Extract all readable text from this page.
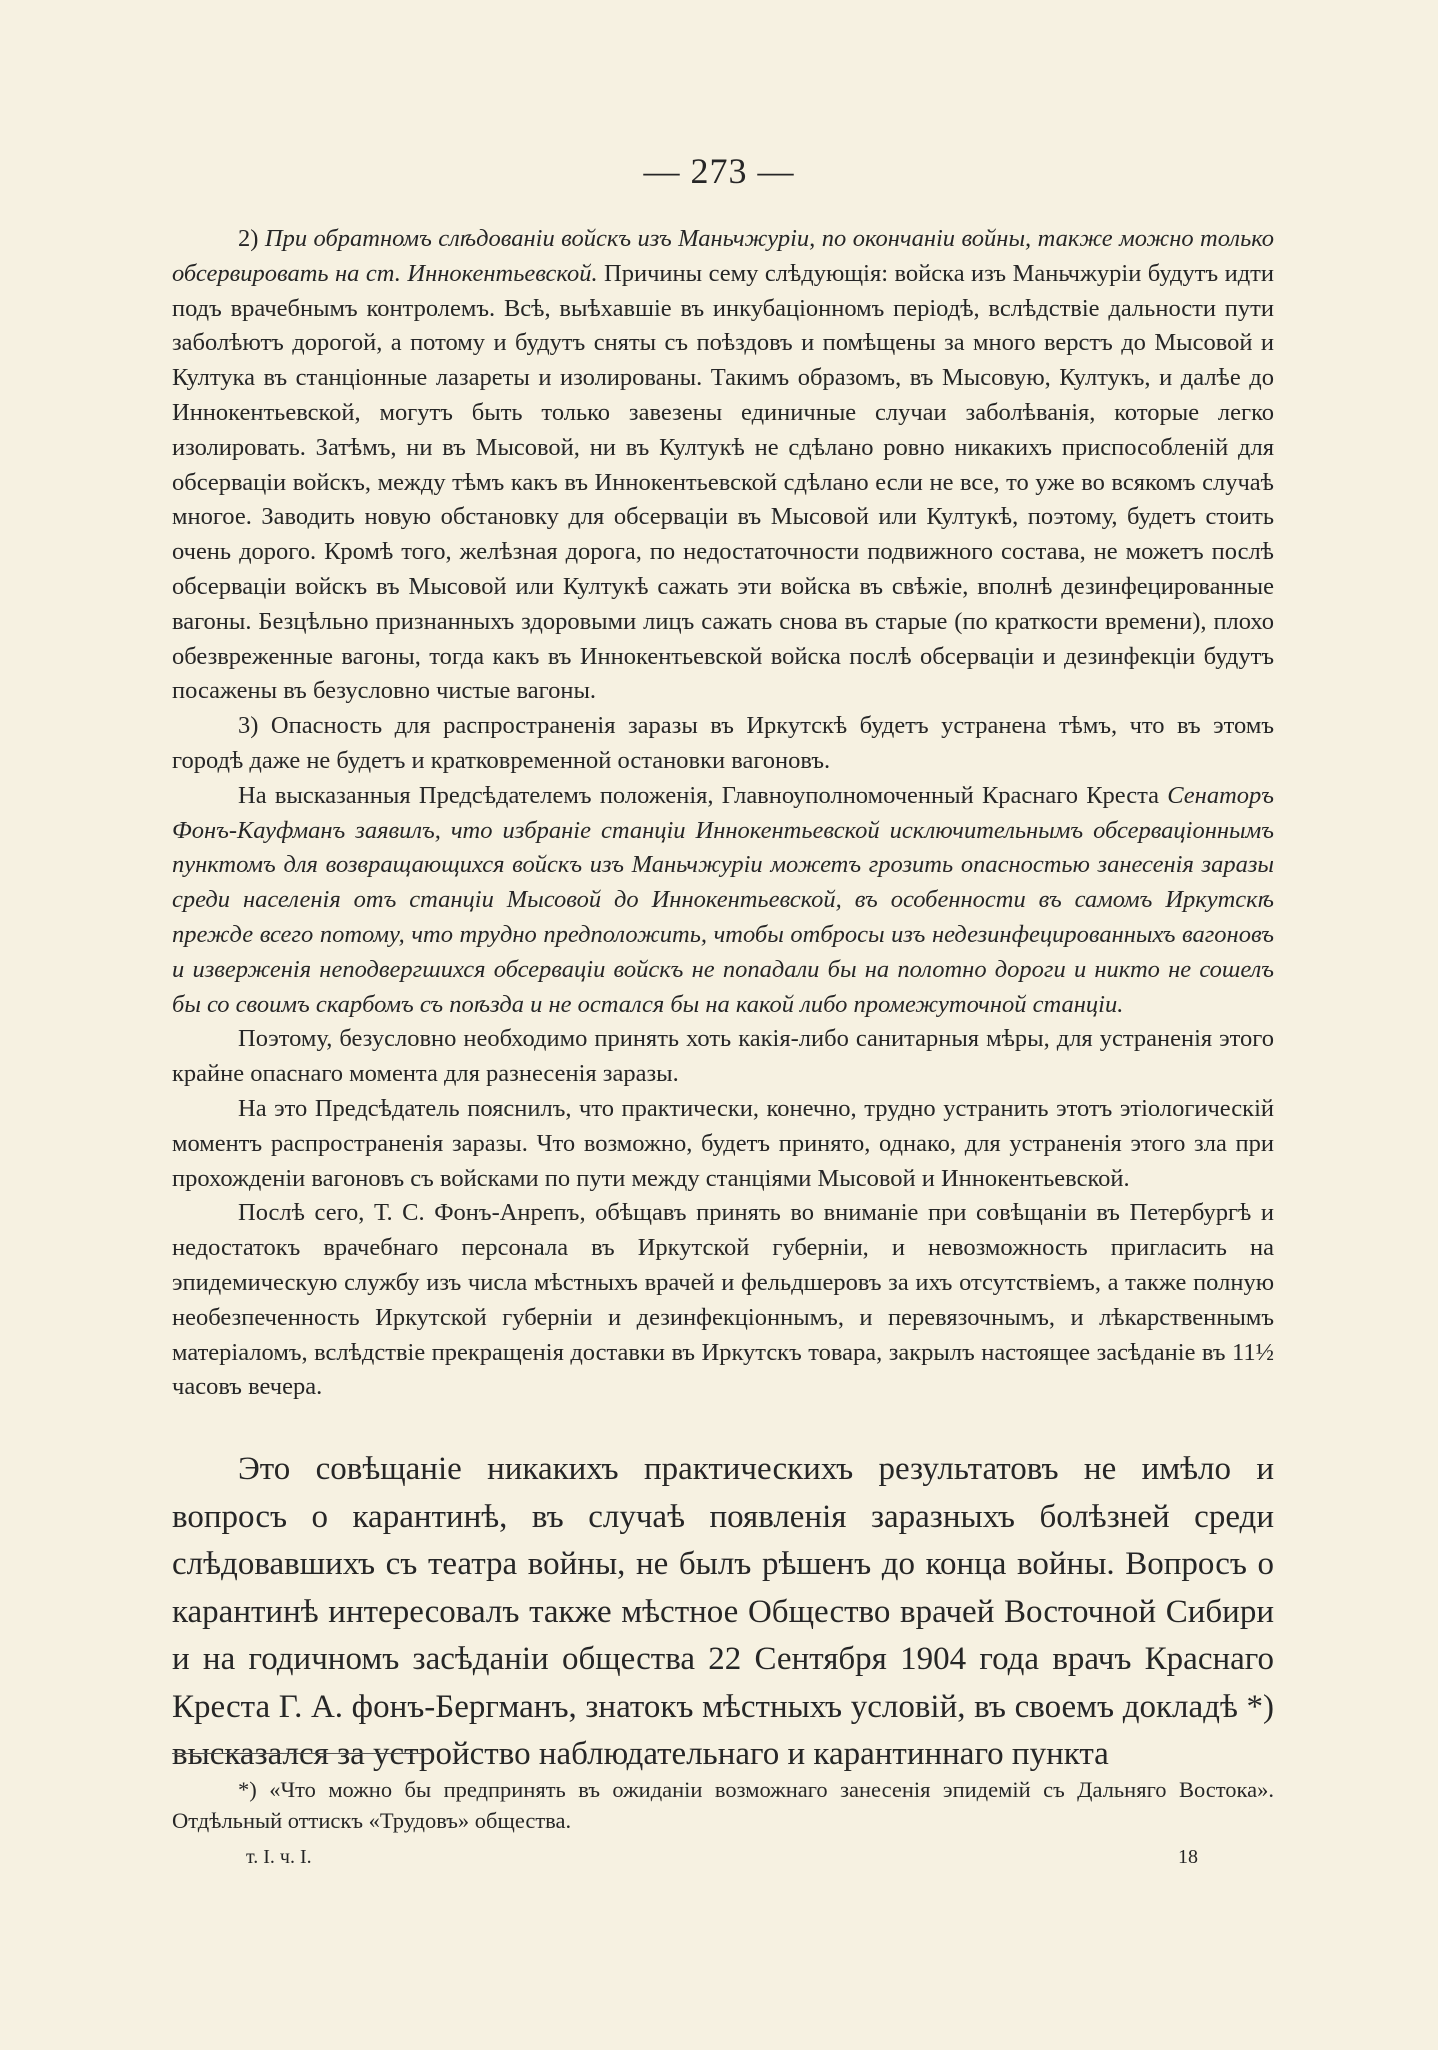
— 273 —

2) При обратномъ слѣдованіи войскъ изъ Маньчжуріи, по окончаніи войны, также можно только обсервировать на ст. Иннокентьевской. Причины сему слѣдующія: войска изъ Маньчжуріи будутъ идти подъ врачебнымъ контролемъ. Всѣ, выѣхавшіе въ инкубаціонномъ періодѣ, вслѣдствіе дальности пути заболѣютъ дорогой, а потому и будутъ сняты съ поѣздовъ и помѣщены за много верстъ до Мысовой и Култука въ станціонные лазареты и изолированы. Такимъ образомъ, въ Мысовую, Култукъ, и далѣе до Иннокентьевской, могутъ быть только завезены единичные случаи заболѣванія, которые легко изолировать. Затѣмъ, ни въ Мысовой, ни въ Култукѣ не сдѣлано ровно никакихъ приспособленій для обсерваціи войскъ, между тѣмъ какъ въ Иннокентьевской сдѣлано если не все, то уже во всякомъ случаѣ многое. Заводить новую обстановку для обсерваціи въ Мысовой или Култукѣ, поэтому, будетъ стоить очень дорого. Кромѣ того, желѣзная дорога, по недостаточности подвижного состава, не можетъ послѣ обсерваціи войскъ въ Мысовой или Култукѣ сажать эти войска въ свѣжіе, вполнѣ дезинфецированные вагоны. Безцѣльно признанныхъ здоровыми лицъ сажать снова въ старые (по краткости времени), плохо обезвреженные вагоны, тогда какъ въ Иннокентьевской войска послѣ обсерваціи и дезинфекціи будутъ посажены въ безусловно чистые вагоны.

3) Опасность для распространенія заразы въ Иркутскѣ будетъ устранена тѣмъ, что въ этомъ городѣ даже не будетъ и кратковременной остановки вагоновъ.

На высказанныя Предсѣдателемъ положенія, Главноуполномоченный Краснаго Креста Сенаторъ Фонъ-Кауфманъ заявилъ, что избраніе станціи Иннокентьевской исключительнымъ обсерваціоннымъ пунктомъ для возвращающихся войскъ изъ Маньчжуріи можетъ грозить опасностью занесенія заразы среди населенія отъ станціи Мысовой до Иннокентьевской, въ особенности въ самомъ Иркутскѣ прежде всего потому, что трудно предположить, чтобы отбросы изъ недезинфецированныхъ вагоновъ и изверженія неподвергшихся обсерваціи войскъ не попадали бы на полотно дороги и никто не сошелъ бы со своимъ скарбомъ съ поѣзда и не остался бы на какой либо промежуточной станціи.

Поэтому, безусловно необходимо принять хоть какія-либо санитарныя мѣры, для устраненія этого крайне опаснаго момента для разнесенія заразы.

На это Предсѣдатель пояснилъ, что практически, конечно, трудно устранить этотъ этіологическій моментъ распространенія заразы. Что возможно, будетъ принято, однако, для устраненія этого зла при прохожденіи вагоновъ съ войсками по пути между станціями Мысовой и Иннокентьевской.

Послѣ сего, Т. С. Фонъ-Анрепъ, обѣщавъ принять во вниманіе при совѣщаніи въ Петербургѣ и недостатокъ врачебнаго персонала въ Иркутской губерніи, и невозможность пригласить на эпидемическую службу изъ числа мѣстныхъ врачей и фельдшеровъ за ихъ отсутствіемъ, а также полную необезпеченность Иркутской губерніи и дезинфекціоннымъ, и перевязочнымъ, и лѣкарственнымъ матеріаломъ, вслѣдствіе прекращенія доставки въ Иркутскъ товара, закрылъ настоящее засѣданіе въ 11½ часовъ вечера.

Это совѣщаніе никакихъ практическихъ результатовъ не имѣло и вопросъ о карантинѣ, въ случаѣ появленія заразныхъ болѣзней среди слѣдовавшихъ съ театра войны, не былъ рѣшенъ до конца войны. Вопросъ о карантинѣ интересовалъ также мѣстное Общество врачей Восточной Сибири и на годичномъ засѣданіи общества 22 Сентября 1904 года врачъ Краснаго Креста Г. А. фонъ-Бергманъ, знатокъ мѣстныхъ условій, въ своемъ докладѣ *) высказался за устройство наблюдательнаго и карантиннаго пункта

*) «Что можно бы предпринять въ ожиданіи возможнаго занесенія эпидемій съ Дальняго Востока». Отдѣльный оттискъ «Трудовъ» общества.

т. I. ч. I.	18
